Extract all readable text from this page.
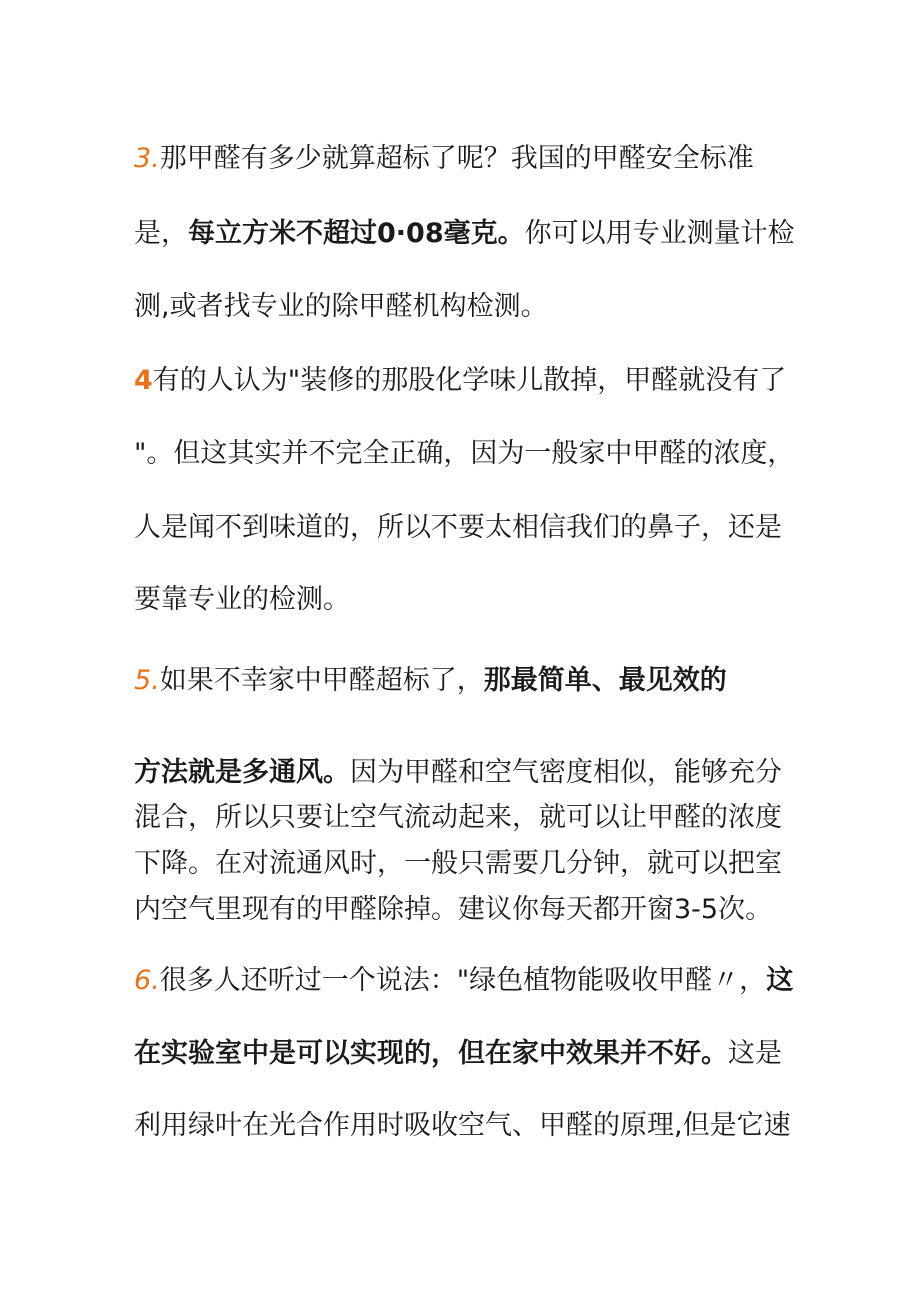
3.那甲醛有多少就算超标了呢？我国的甲醛安全标准
是，每立方米不超过0·08毫克。你可以用专业测量计检
测,或者找专业的除甲醛机构检测。
4有的人认为"装修的那股化学味儿散掉，甲醛就没有了
"。但这其实并不完全正确，因为一般家中甲醛的浓度，
人是闻不到味道的，所以不要太相信我们的鼻子，还是
要靠专业的检测。
5.如果不幸家中甲醛超标了，那最简单、最见效的
方法就是多通风。因为甲醛和空气密度相似，能够充分
混合，所以只要让空气流动起来，就可以让甲醛的浓度
下降。在对流通风时，一般只需要几分钟，就可以把室
内空气里现有的甲醛除掉。建议你每天都开窗3-5次。
6.很多人还听过一个说法："绿色植物能吸收甲醛〃，这
在实验室中是可以实现的，但在家中效果并不好。这是
利用绿叶在光合作用时吸收空气、甲醛的原理,但是它速
